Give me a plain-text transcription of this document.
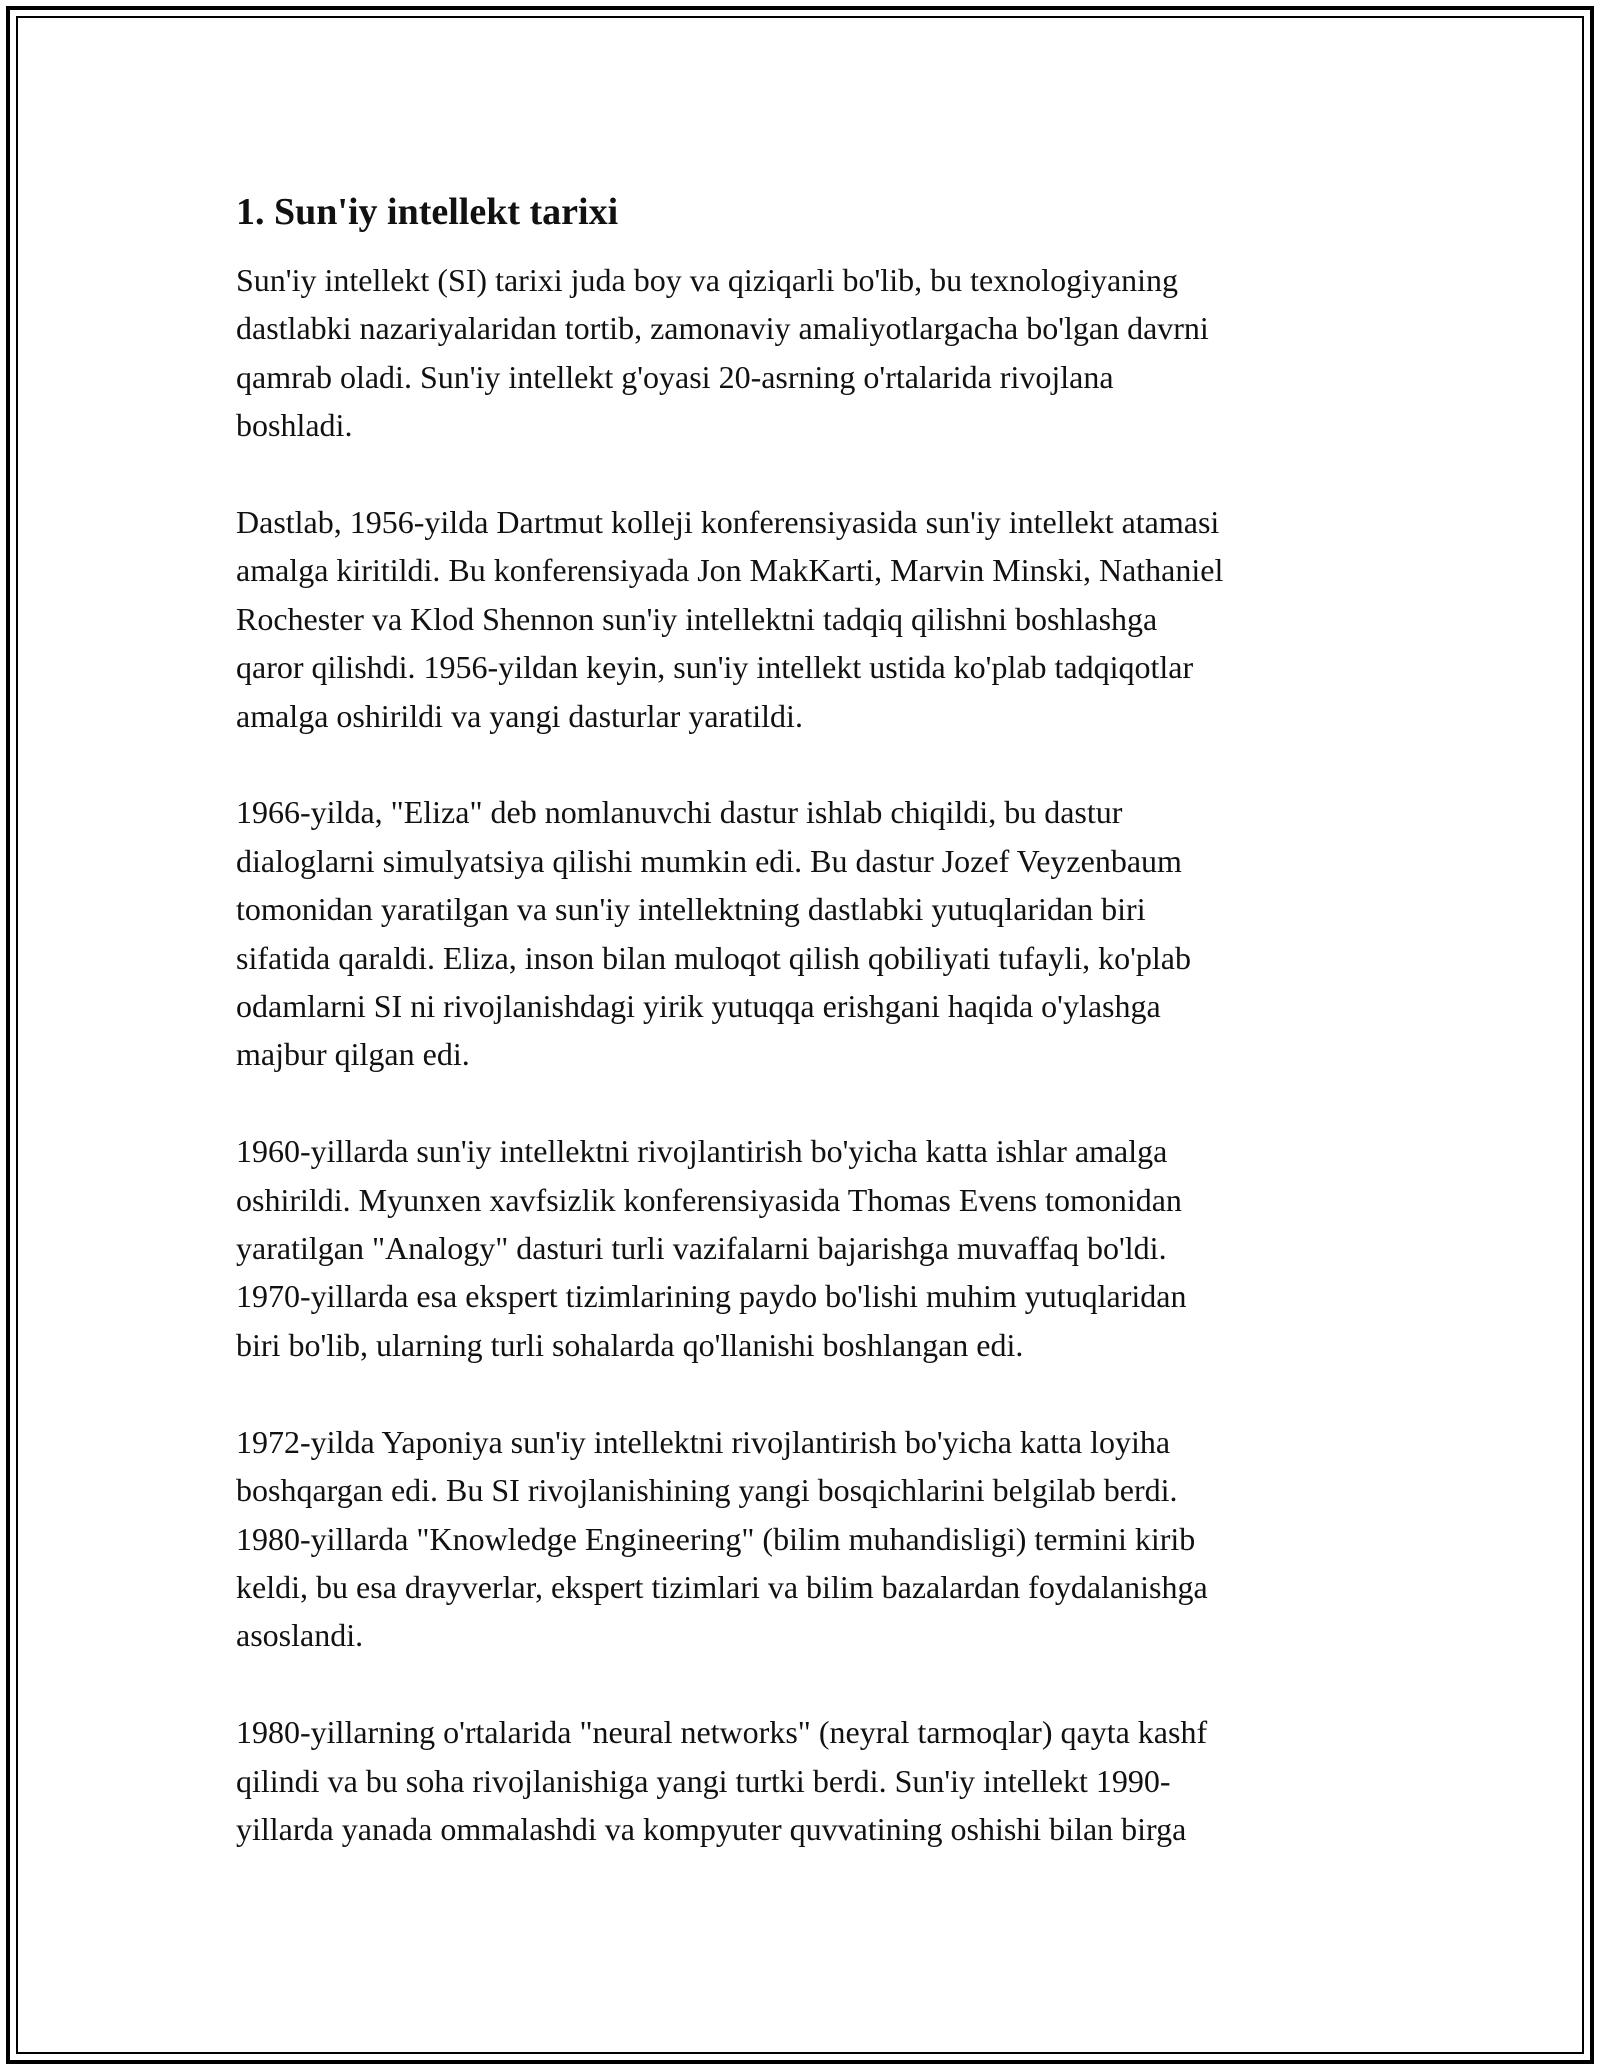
1. Sun'iy intellekt tarixi

Sun'iy intellekt (SI) tarixi juda boy va qiziqarli bo'lib, bu texnologiyaning
dastlabki nazariyalaridan tortib, zamonaviy amaliyotlargacha bo'lgan davrni
qamrab oladi. Sun'iy intellekt g'oyasi 20-asrning o'rtalarida rivojlana
boshladi.

Dastlab, 1956-yilda Dartmut kolleji konferensiyasida sun'iy intellekt atamasi
amalga kiritildi. Bu konferensiyada Jon MakKarti, Marvin Minski, Nathaniel
Rochester va Klod Shennon sun'iy intellektni tadqiq qilishni boshlashga
qaror qilishdi. 1956-yildan keyin, sun'iy intellekt ustida ko'plab tadqiqotlar
amalga oshirildi va yangi dasturlar yaratildi.

1966-yilda, "Eliza" deb nomlanuvchi dastur ishlab chiqildi, bu dastur
dialoglarni simulyatsiya qilishi mumkin edi. Bu dastur Jozef Veyzenbaum
tomonidan yaratilgan va sun'iy intellektning dastlabki yutuqlaridan biri
sifatida qaraldi. Eliza, inson bilan muloqot qilish qobiliyati tufayli, ko'plab
odamlarni SI ni rivojlanishdagi yirik yutuqqa erishgani haqida o'ylashga
majbur qilgan edi.

1960-yillarda sun'iy intellektni rivojlantirish bo'yicha katta ishlar amalga
oshirildi. Myunxen xavfsizlik konferensiyasida Thomas Evens tomonidan
yaratilgan "Analogy" dasturi turli vazifalarni bajarishga muvaffaq bo'ldi.
1970-yillarda esa ekspert tizimlarining paydo bo'lishi muhim yutuqlaridan
biri bo'lib, ularning turli sohalarda qo'llanishi boshlangan edi.

1972-yilda Yaponiya sun'iy intellektni rivojlantirish bo'yicha katta loyiha
boshqargan edi. Bu SI rivojlanishining yangi bosqichlarini belgilab berdi.
1980-yillarda "Knowledge Engineering" (bilim muhandisligi) termini kirib
keldi, bu esa drayverlar, ekspert tizimlari va bilim bazalardan foydalanishga
asoslandi.

1980-yillarning o'rtalarida "neural networks" (neyral tarmoqlar) qayta kashf
qilindi va bu soha rivojlanishiga yangi turtki berdi. Sun'iy intellekt 1990-
yillarda yanada ommalashdi va kompyuter quvvatining oshishi bilan birga
